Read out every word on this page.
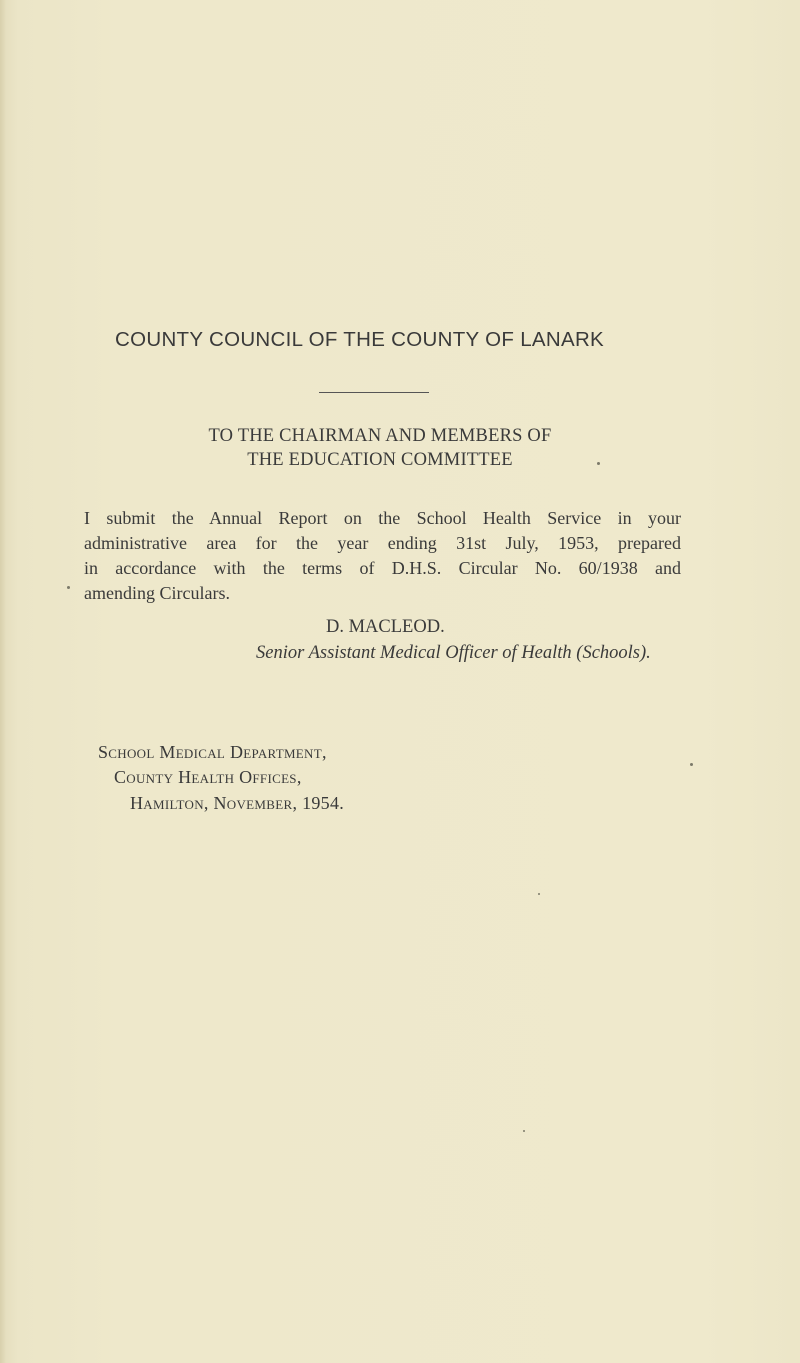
COUNTY COUNCIL OF THE COUNTY OF LANARK
TO THE CHAIRMAN AND MEMBERS OF
THE EDUCATION COMMITTEE
I submit the Annual Report on the School Health Service in your
administrative area for the year ending 31st July, 1953, prepared
in accordance with the terms of D.H.S. Circular No. 60/1938 and
amending Circulars.
D. MACLEOD.
Senior Assistant Medical Officer of Health (Schools).
School Medical Department,
County Health Offices,
Hamilton, November, 1954.
